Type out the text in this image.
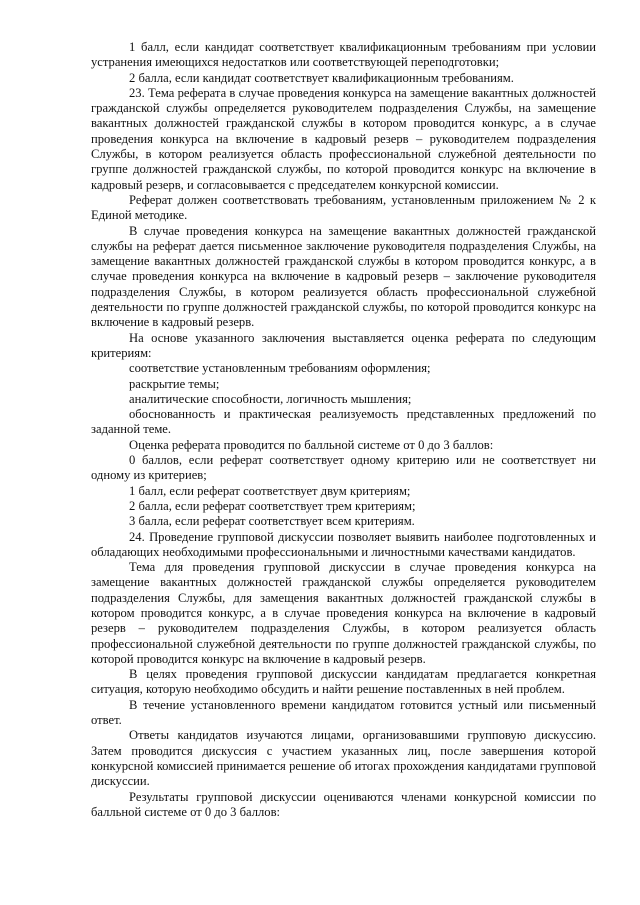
1 балл, если кандидат соответствует квалификационным требованиям при условии устранения имеющихся недостатков или соответствующей переподготовки;

2 балла, если кандидат соответствует квалификационным требованиям.

23. Тема реферата в случае проведения конкурса на замещение вакантных должностей гражданской службы определяется руководителем подразделения Службы, на замещение вакантных должностей гражданской службы в котором проводится конкурс, а в случае проведения конкурса на включение в кадровый резерв – руководителем подразделения Службы, в котором реализуется область профессиональной служебной деятельности по группе должностей гражданской службы, по которой проводится конкурс на включение в кадровый резерв, и согласовывается с председателем конкурсной комиссии.

Реферат должен соответствовать требованиям, установленным приложением № 2 к Единой методике.

В случае проведения конкурса на замещение вакантных должностей гражданской службы на реферат дается письменное заключение руководителя подразделения Службы, на замещение вакантных должностей гражданской службы в котором проводится конкурс, а в случае проведения конкурса на включение в кадровый резерв – заключение руководителя подразделения Службы, в котором реализуется область профессиональной служебной деятельности по группе должностей гражданской службы, по которой проводится конкурс на включение в кадровый резерв.

На основе указанного заключения выставляется оценка реферата по следующим критериям:

соответствие установленным требованиям оформления;

раскрытие темы;

аналитические способности, логичность мышления;

обоснованность и практическая реализуемость представленных предложений по заданной теме.

Оценка реферата проводится по балльной системе от 0 до 3 баллов:

0 баллов, если реферат соответствует одному критерию или не соответствует ни одному из критериев;

1 балл, если реферат соответствует двум критериям;

2 балла, если реферат соответствует трем критериям;

3 балла, если реферат соответствует всем критериям.

24. Проведение групповой дискуссии позволяет выявить наиболее подготовленных и обладающих необходимыми профессиональными и личностными качествами кандидатов.

Тема для проведения групповой дискуссии в случае проведения конкурса на замещение вакантных должностей гражданской службы определяется руководителем подразделения Службы, для замещения вакантных должностей гражданской службы в котором проводится конкурс, а в случае проведения конкурса на включение в кадровый резерв – руководителем подразделения Службы, в котором реализуется область профессиональной служебной деятельности по группе должностей гражданской службы, по которой проводится конкурс на включение в кадровый резерв.

В целях проведения групповой дискуссии кандидатам предлагается конкретная ситуация, которую необходимо обсудить и найти решение поставленных в ней проблем.

В течение установленного времени кандидатом готовится устный или письменный ответ.

Ответы кандидатов изучаются лицами, организовавшими групповую дискуссию. Затем проводится дискуссия с участием указанных лиц, после завершения которой конкурсной комиссией принимается решение об итогах прохождения кандидатами групповой дискуссии.

Результаты групповой дискуссии оцениваются членами конкурсной комиссии по балльной системе от 0 до 3 баллов:
